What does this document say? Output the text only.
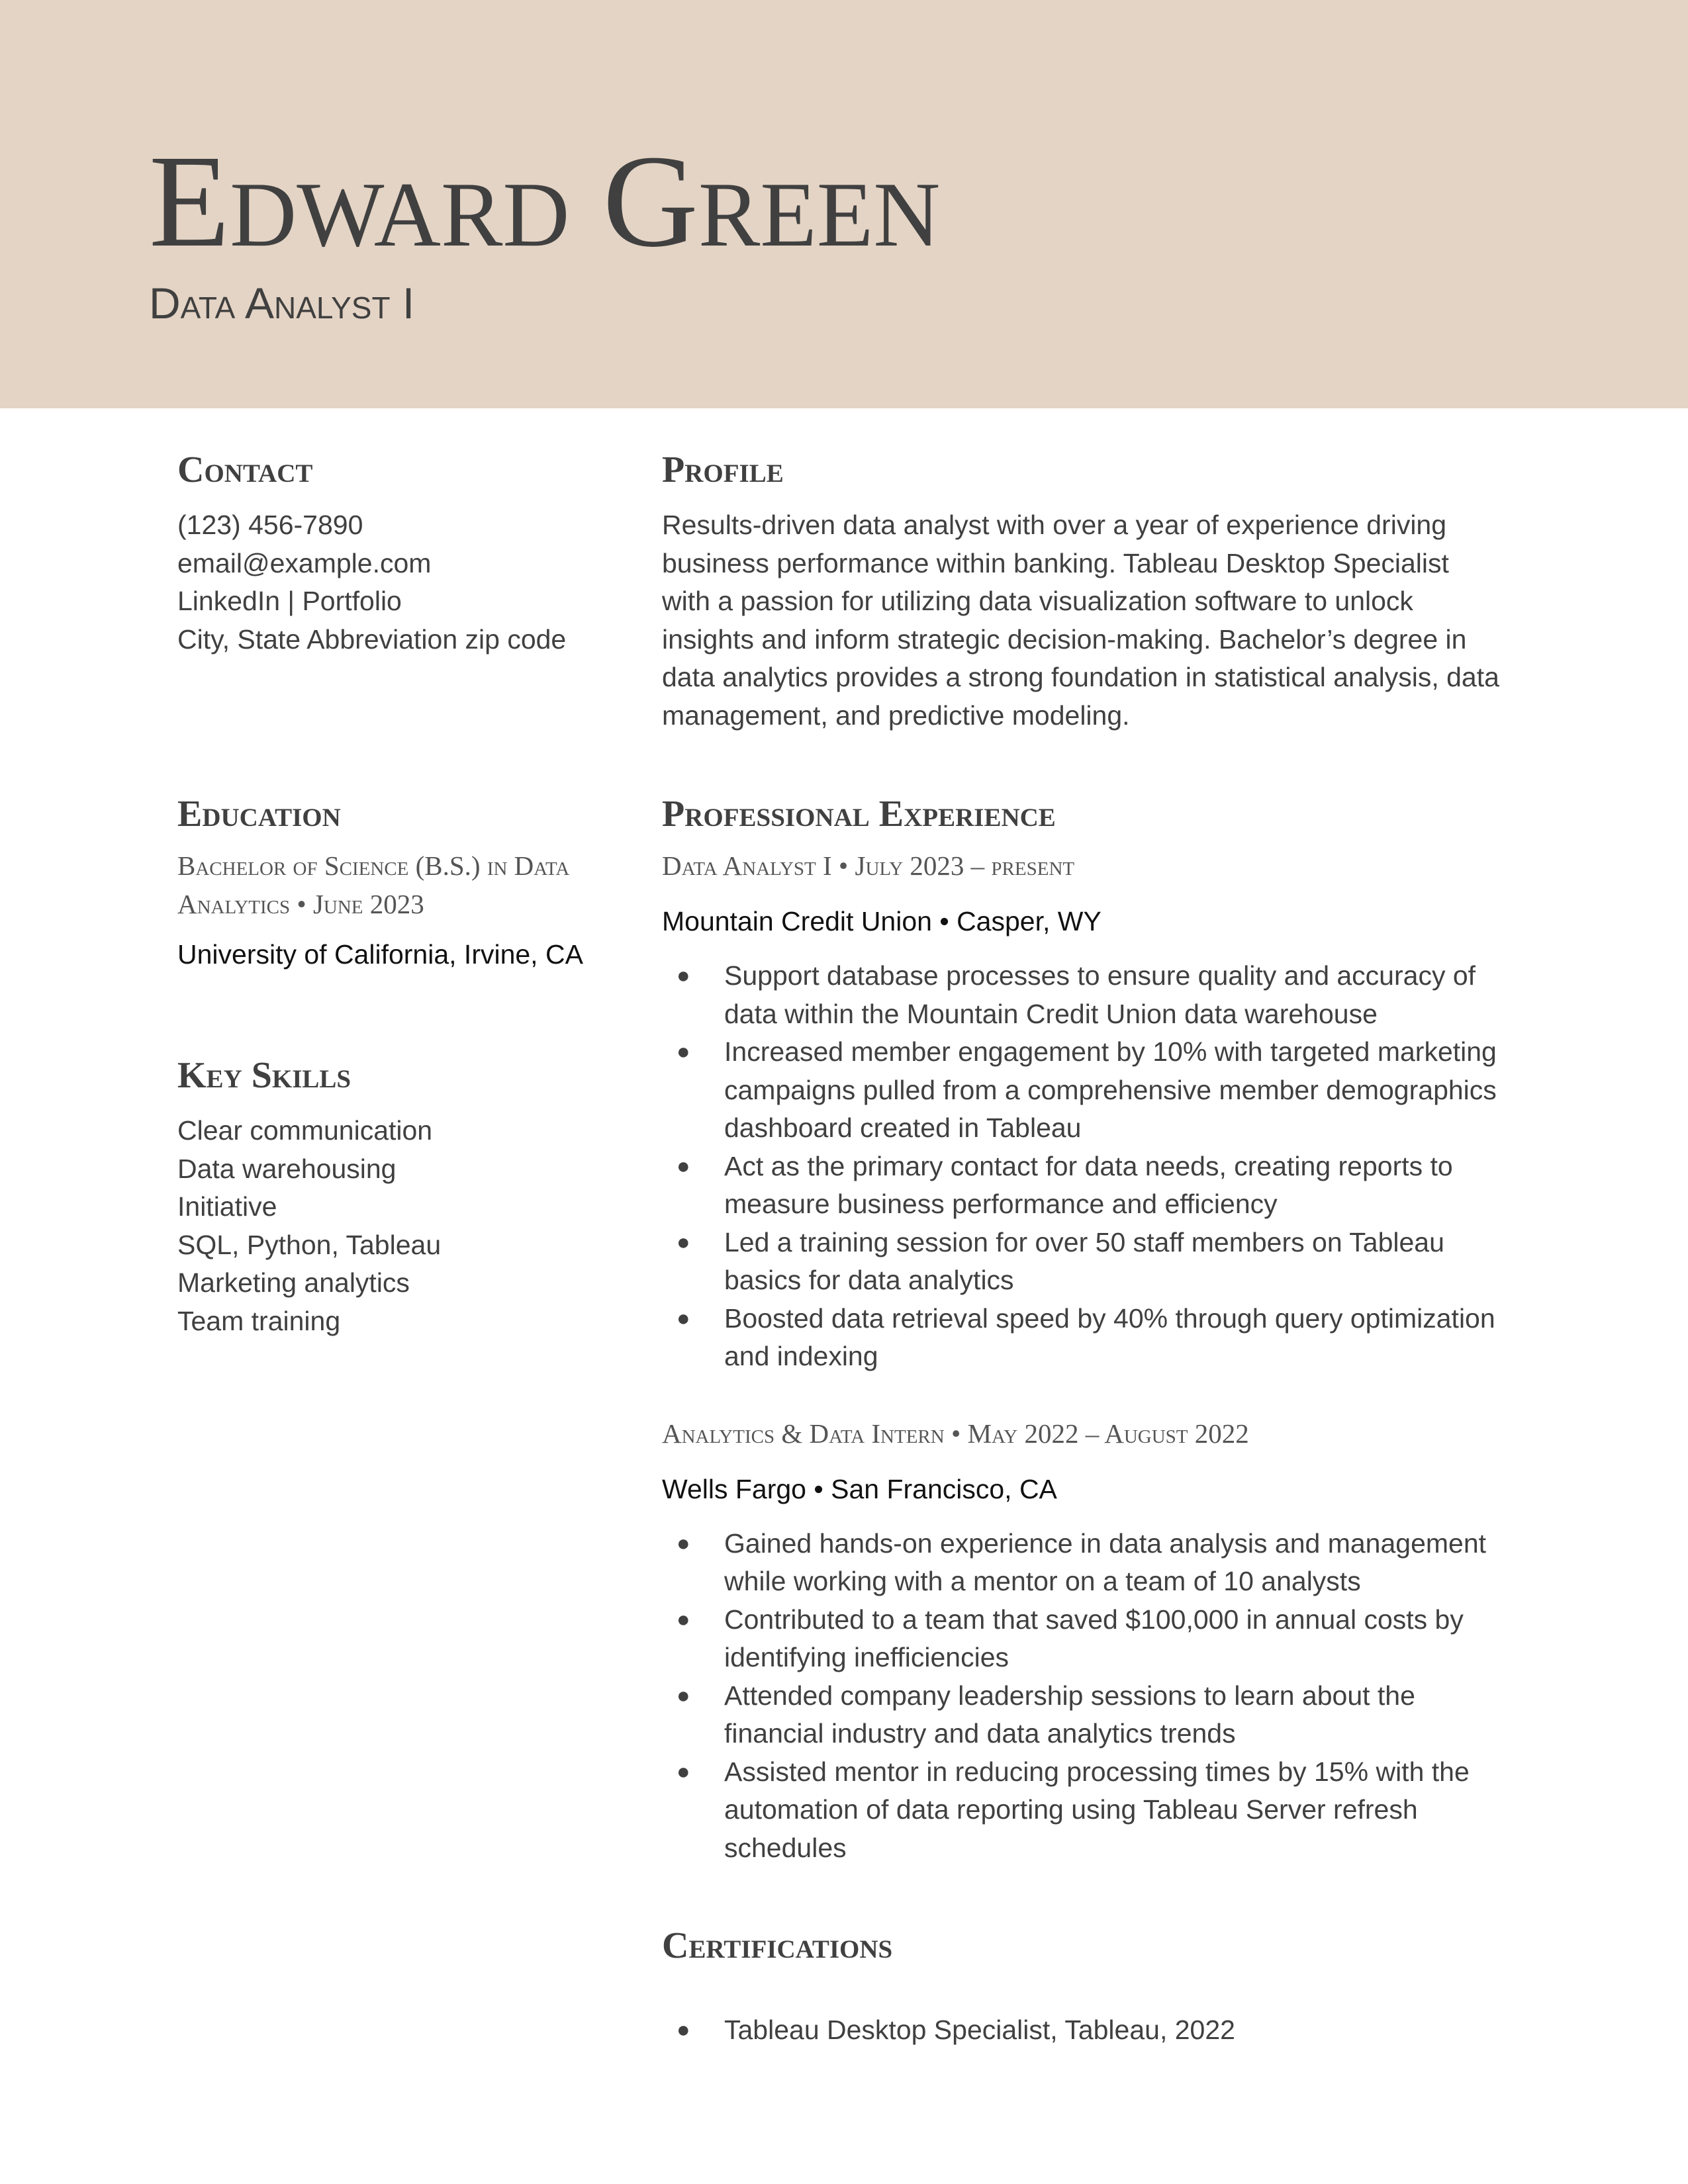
Edward Green
Data Analyst I
Contact
(123) 456-7890
email@example.com
LinkedIn | Portfolio
City, State Abbreviation zip code
Education
Bachelor of Science (B.S.) in Data
Analytics • June 2023
University of California, Irvine, CA
Key Skills
Clear communication
Data warehousing
Initiative
SQL, Python, Tableau
Marketing analytics
Team training
Profile
Results-driven data analyst with over a year of experience driving
business performance within banking. Tableau Desktop Specialist
with a passion for utilizing data visualization software to unlock
insights and inform strategic decision-making. Bachelor’s degree in
data analytics provides a strong foundation in statistical analysis, data
management, and predictive modeling.
Professional Experience
Data Analyst I • July 2023 – present
Mountain Credit Union • Casper, WY
● Support database processes to ensure quality and accuracy of
data within the Mountain Credit Union data warehouse
● Increased member engagement by 10% with targeted marketing
campaigns pulled from a comprehensive member demographics
dashboard created in Tableau
● Act as the primary contact for data needs, creating reports to
measure business performance and efficiency
● Led a training session for over 50 staff members on Tableau
basics for data analytics
● Boosted data retrieval speed by 40% through query optimization
and indexing
Analytics & Data Intern • May 2022 – August 2022
Wells Fargo • San Francisco, CA
● Gained hands-on experience in data analysis and management
while working with a mentor on a team of 10 analysts
● Contributed to a team that saved $100,000 in annual costs by
identifying inefficiencies
● Attended company leadership sessions to learn about the
financial industry and data analytics trends
● Assisted mentor in reducing processing times by 15% with the
automation of data reporting using Tableau Server refresh
schedules
Certifications
● Tableau Desktop Specialist, Tableau, 2022
